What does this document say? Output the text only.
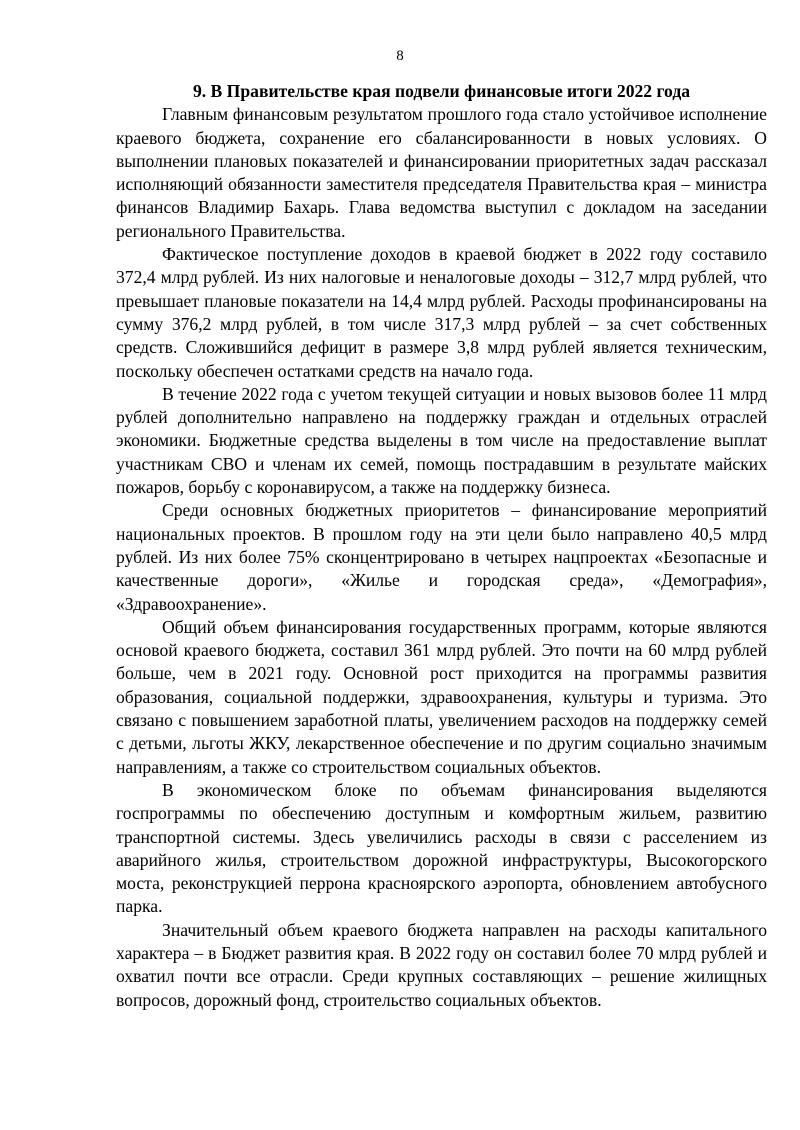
8
9. В Правительстве края подвели финансовые итоги 2022 года

Главным финансовым результатом прошлого года стало устойчивое исполнение краевого бюджета, сохранение его сбалансированности в новых условиях. О выполнении плановых показателей и финансировании приоритетных задач рассказал исполняющий обязанности заместителя председателя Правительства края – министра финансов Владимир Бахарь. Глава ведомства выступил с докладом на заседании регионального Правительства.

Фактическое поступление доходов в краевой бюджет в 2022 году составило 372,4 млрд рублей. Из них налоговые и неналоговые доходы – 312,7 млрд рублей, что превышает плановые показатели на 14,4 млрд рублей. Расходы профинансированы на сумму 376,2 млрд рублей, в том числе 317,3 млрд рублей – за счет собственных средств. Сложившийся дефицит в размере 3,8 млрд рублей является техническим, поскольку обеспечен остатками средств на начало года.

В течение 2022 года с учетом текущей ситуации и новых вызовов более 11 млрд рублей дополнительно направлено на поддержку граждан и отдельных отраслей экономики. Бюджетные средства выделены в том числе на предоставление выплат участникам СВО и членам их семей, помощь пострадавшим в результате майских пожаров, борьбу с коронавирусом, а также на поддержку бизнеса.

Среди основных бюджетных приоритетов – финансирование мероприятий национальных проектов. В прошлом году на эти цели было направлено 40,5 млрд рублей. Из них более 75% сконцентрировано в четырех нацпроектах «Безопасные и качественные дороги», «Жилье и городская среда», «Демография», «Здравоохранение».

Общий объем финансирования государственных программ, которые являются основой краевого бюджета, составил 361 млрд рублей. Это почти на 60 млрд рублей больше, чем в 2021 году. Основной рост приходится на программы развития образования, социальной поддержки, здравоохранения, культуры и туризма. Это связано с повышением заработной платы, увеличением расходов на поддержку семей с детьми, льготы ЖКУ, лекарственное обеспечение и по другим социально значимым направлениям, а также со строительством социальных объектов.

В экономическом блоке по объемам финансирования выделяются госпрограммы по обеспечению доступным и комфортным жильем, развитию транспортной системы. Здесь увеличились расходы в связи с расселением из аварийного жилья, строительством дорожной инфраструктуры, Высокогорского моста, реконструкцией перрона красноярского аэропорта, обновлением автобусного парка.

Значительный объем краевого бюджета направлен на расходы капитального характера – в Бюджет развития края. В 2022 году он составил более 70 млрд рублей и охватил почти все отрасли. Среди крупных составляющих – решение жилищных вопросов, дорожный фонд, строительство социальных объектов.
